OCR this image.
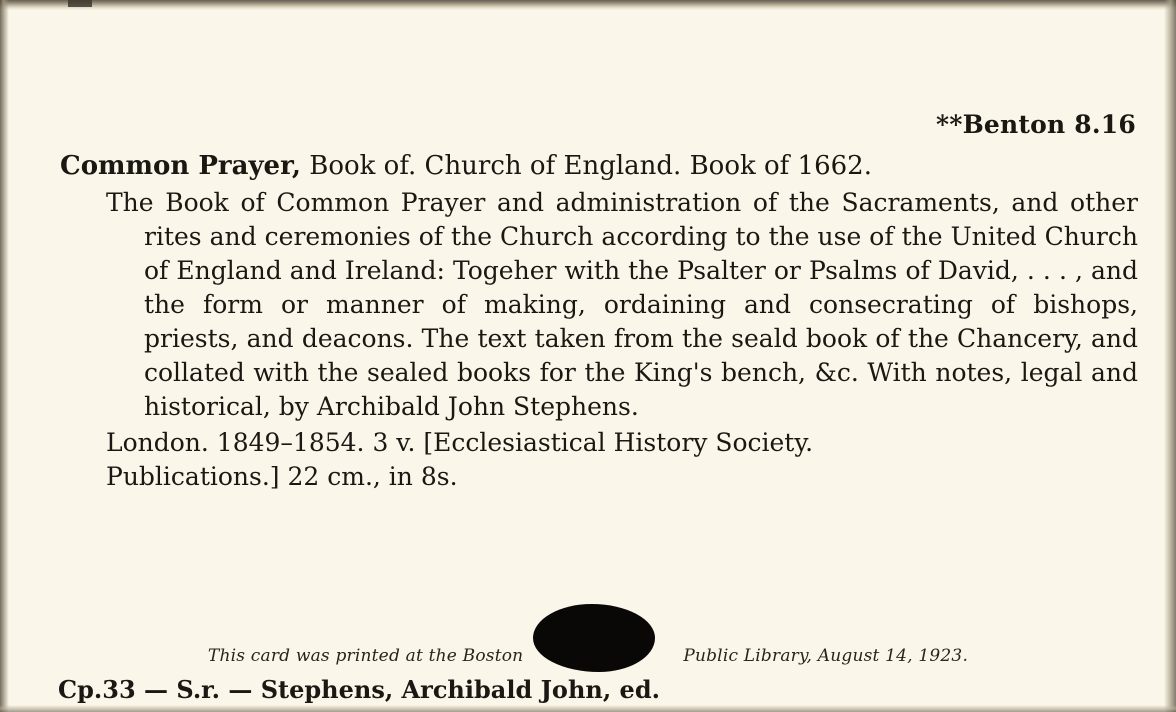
**Benton 8.16
Common Prayer, Book of. Church of England. Book of 1662.

The Book of Common Prayer and administration of the Sacraments, and other rites and ceremonies of the Church according to the use of the United Church of England and Ireland: Togeher with the Psalter or Psalms of David, . . . , and the form or manner of making, ordaining and consecrating of bishops, priests, and deacons. The text taken from the seald book of the Chancery, and collated with the sealed books for the King's bench, &c. With notes, legal and historical, by Archibald John Stephens.

London. 1849–1854. 3 v. [Ecclesiastical History Society.

Publications.] 22 cm., in 8s.

This card was printed at the Boston	Public Library, August 14, 1923.
Cp.33 — S.r. — Stephens, Archibald John, ed.
